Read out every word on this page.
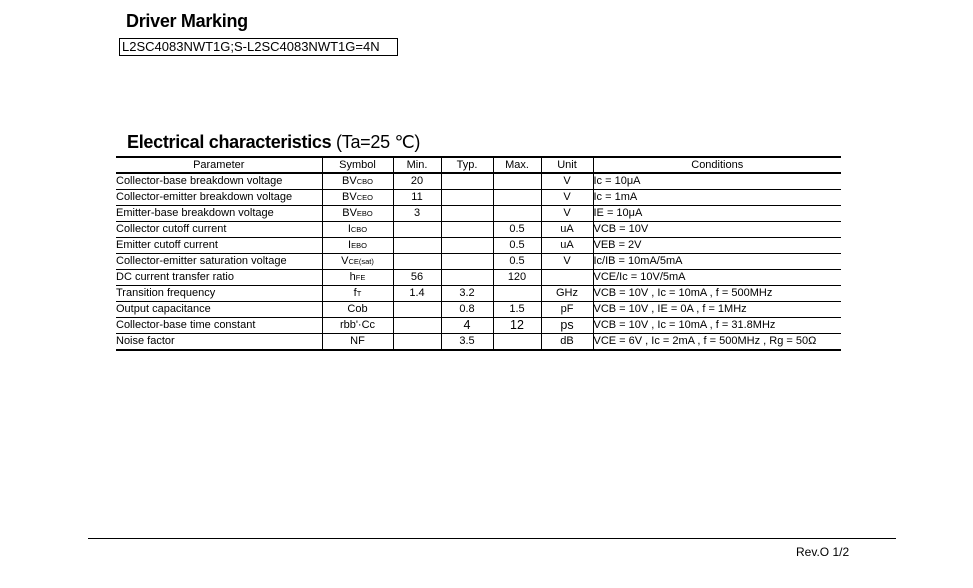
Driver Marking
L2SC4083NWT1G;S-L2SC4083NWT1G=4N
Electrical characteristics (Ta=25 ℃)
Parameter	Symbol	Min.	Typ.	Max.	Unit	Conditions
Collector-base breakdown voltage	BVCBO	20			V	Ic = 10μA
Collector-emitter breakdown voltage	BVCEO	11			V	Ic = 1mA
Emitter-base breakdown voltage	BVEBO	3			V	IE = 10μA
Collector cutoff current	ICBO			0.5	uA	VCB = 10V
Emitter cutoff current	IEBO			0.5	uA	VEB = 2V
Collector-emitter saturation voltage	VCE(sat)			0.5	V	Ic/IB = 10mA/5mA
DC current transfer ratio	hFE	56		120		VCE/Ic = 10V/5mA
Transition frequency	fT	1.4	3.2		GHz	VCB = 10V , Ic = 10mA , f = 500MHz
Output capacitance	Cob		0.8	1.5	pF	VCB = 10V , IE = 0A , f = 1MHz
Collector-base time constant	rbb'·Cc		4	12	ps	VCB = 10V , Ic = 10mA , f = 31.8MHz
Noise factor	NF		3.5		dB	VCE = 6V , Ic = 2mA , f = 500MHz , Rg = 50Ω
Rev.O 1/2
